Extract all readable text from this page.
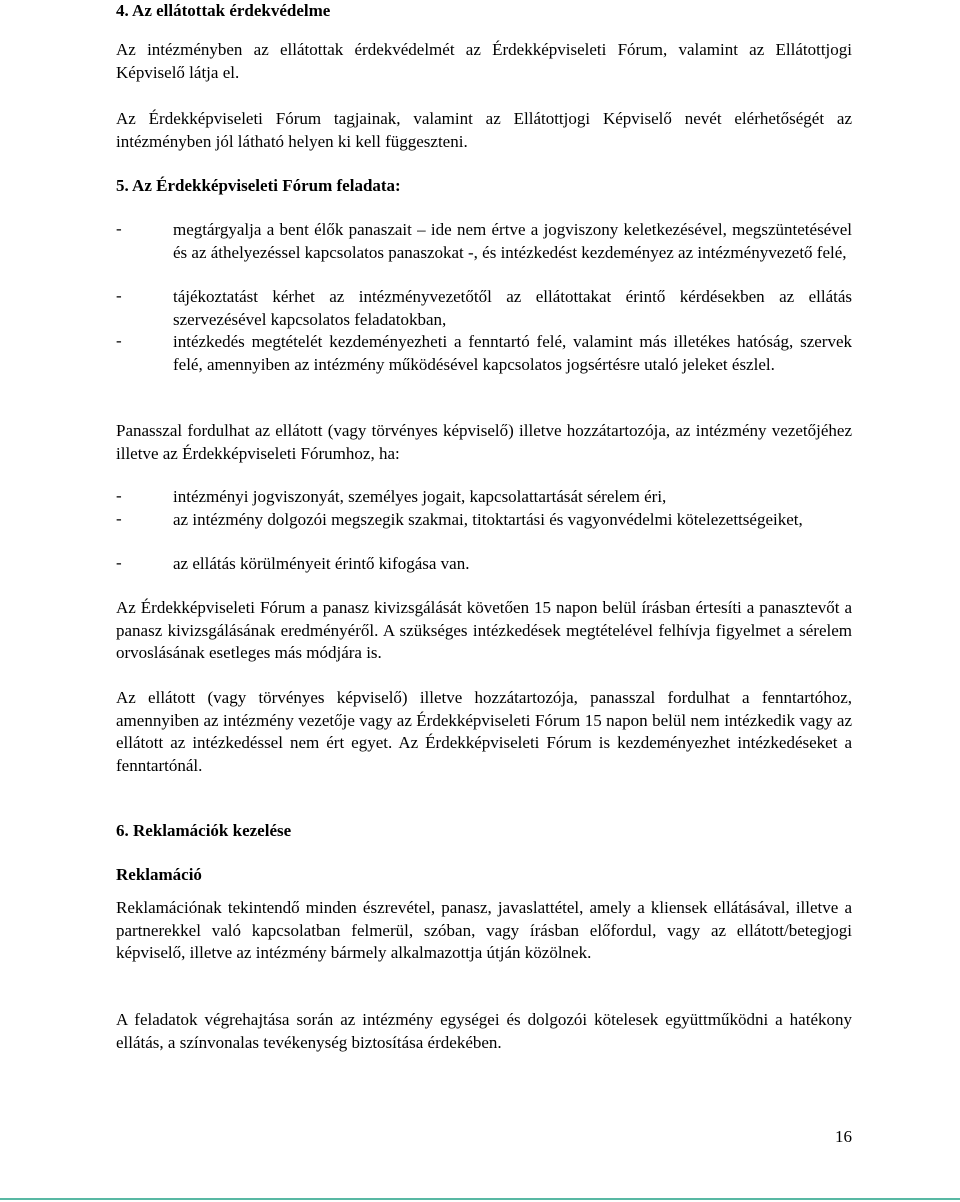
4. Az ellátottak érdekvédelme

Az intézményben az ellátottak érdekvédelmét az Érdekképviseleti Fórum, valamint az Ellátottjogi Képviselő látja el.

Az Érdekképviseleti Fórum tagjainak, valamint az Ellátottjogi Képviselő nevét elérhetőségét az intézményben jól látható helyen ki kell függeszteni.

5. Az Érdekképviseleti Fórum feladata:

-	megtárgyalja a bent élők panaszait – ide nem értve a jogviszony keletkezésével, megszüntetésével és az áthelyezéssel kapcsolatos panaszokat -, és intézkedést kezdeményez az intézményvezető felé,

-	tájékoztatást kérhet az intézményvezetőtől az ellátottakat érintő kérdésekben az ellátás szervezésével kapcsolatos feladatokban,

-	intézkedés megtételét kezdeményezheti a fenntartó felé, valamint más illetékes hatóság, szervek felé, amennyiben az intézmény működésével kapcsolatos jogsértésre utaló jeleket észlel.

Panasszal fordulhat az ellátott (vagy törvényes képviselő) illetve hozzátartozója, az intézmény vezetőjéhez illetve az Érdekképviseleti Fórumhoz, ha:

-	intézményi jogviszonyát, személyes jogait, kapcsolattartását sérelem éri,

-	az intézmény dolgozói megszegik szakmai, titoktartási és vagyonvédelmi kötelezettségeiket,

-	az ellátás körülményeit érintő kifogása van.

Az Érdekképviseleti Fórum a panasz kivizsgálását követően 15 napon belül írásban értesíti a panasztevőt a panasz kivizsgálásának eredményéről. A szükséges intézkedések megtételével felhívja figyelmet a sérelem orvoslásának esetleges más módjára is.

Az ellátott (vagy törvényes képviselő) illetve hozzátartozója, panasszal fordulhat a fenntartóhoz, amennyiben az intézmény vezetője vagy az Érdekképviseleti Fórum 15 napon belül nem intézkedik vagy az ellátott az intézkedéssel nem ért egyet. Az Érdekképviseleti Fórum is kezdeményezhet intézkedéseket a fenntartónál.

6. Reklamációk kezelése

Reklamáció

Reklamációnak tekintendő minden észrevétel, panasz, javaslattétel, amely a kliensek ellátásával, illetve a partnerekkel való kapcsolatban felmerül, szóban, vagy írásban előfordul, vagy az ellátott/betegjogi képviselő, illetve az intézmény bármely alkalmazottja útján közölnek.

A feladatok végrehajtása során az intézmény egységei és dolgozói kötelesek együttműködni a hatékony ellátás, a színvonalas tevékenység biztosítása érdekében.

16
